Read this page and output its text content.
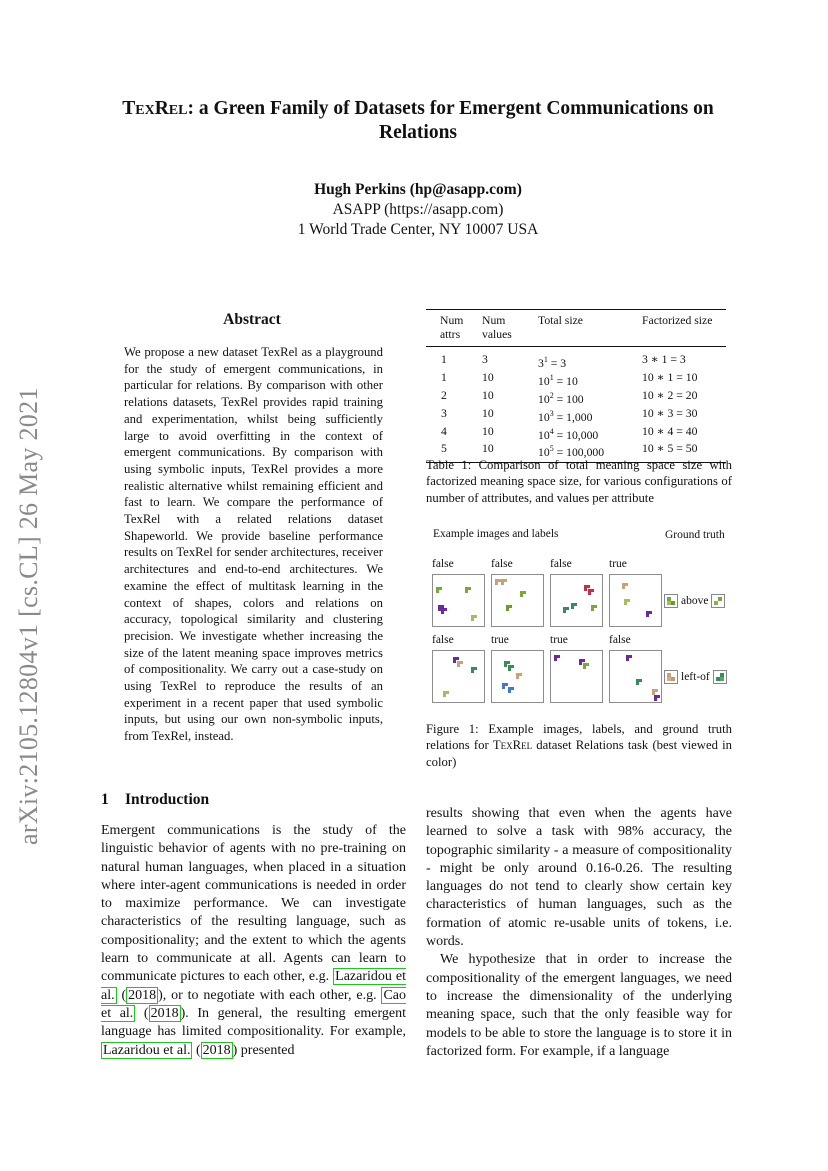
TexRel: a Green Family of Datasets for Emergent Communications on
Relations
Hugh Perkins (hp@asapp.com)
ASAPP (https://asapp.com)
1 World Trade Center, NY 10007 USA
arXiv:2105.12804v1 [cs.CL] 26 May 2021
Abstract
We propose a new dataset TexRel as a playground for the study of emergent communications, in particular for relations. By comparison with other relations datasets, TexRel provides rapid training and experimentation, whilst being sufficiently large to avoid overfitting in the context of emergent communications. By comparison with using symbolic inputs, TexRel provides a more realistic alternative whilst remaining efficient and fast to learn. We compare the performance of TexRel with a related relations dataset Shapeworld. We provide baseline performance results on TexRel for sender architectures, receiver architectures and end-to-end architectures. We examine the effect of multitask learning in the context of shapes, colors and relations on accuracy, topological similarity and clustering precision. We investigate whether increasing the size of the latent meaning space improves metrics of compositionality. We carry out a case-study on using TexRel to reproduce the results of an experiment in a recent paper that used symbolic inputs, but using our own non-symbolic inputs, from TexRel, instead.
1 Introduction

Emergent communications is the study of the linguistic behavior of agents with no pre-training on natural human languages, when placed in a situation where inter-agent communications is needed in order to maximize performance. We can investigate characteristics of the resulting language, such as compositionality; and the extent to which the agents learn to communicate at all. Agents can learn to communicate pictures to each other, e.g. Lazaridou et al. ( 2018 ), or to negotiate with each other, e.g. Cao et al. ( 2018 ). In general, the resulting emergent language has limited compositionality. For example, Lazaridou et al. ( 2018 ) presented

results showing that even when the agents have learned to solve a task with 98% accuracy, the topographic similarity - a measure of compositionality - might be only around 0.16-0.26. The resulting languages do not tend to clearly show certain key characteristics of human languages, such as the formation of atomic re-usable units of tokens, i.e. words.

We hypothesize that in order to increase the compositionality of the emergent languages, we need to increase the dimensionality of the underlying meaning space, such that the only feasible way for models to be able to store the language is to store it in factorized form. For example, if a language

Num	Num	Total size	Factorized size
attrs	values		
1	3	$3^1 = 3$	3 ∗ 1 = 3
1	10	$10^1 = 10$	10 ∗ 1 = 10
2	10	$10^2 = 100$	10 ∗ 2 = 20
3	10	$10^3 = 1,000$	10 ∗ 3 = 30
4	10	$10^4 = 10,000$	10 ∗ 4 = 40
5	10	$10^5 = 100,000$	10 ∗ 5 = 50
Table 1: Comparison of total meaning space size with factorized meaning space size, for various configurations of number of attributes, and values per attribute
Example images and labels	Ground truth
false	false	false	true
false	true	true	false
above
left-of
Figure 1: Example images, labels, and ground truth relations for TexRel dataset Relations task (best viewed in color)
